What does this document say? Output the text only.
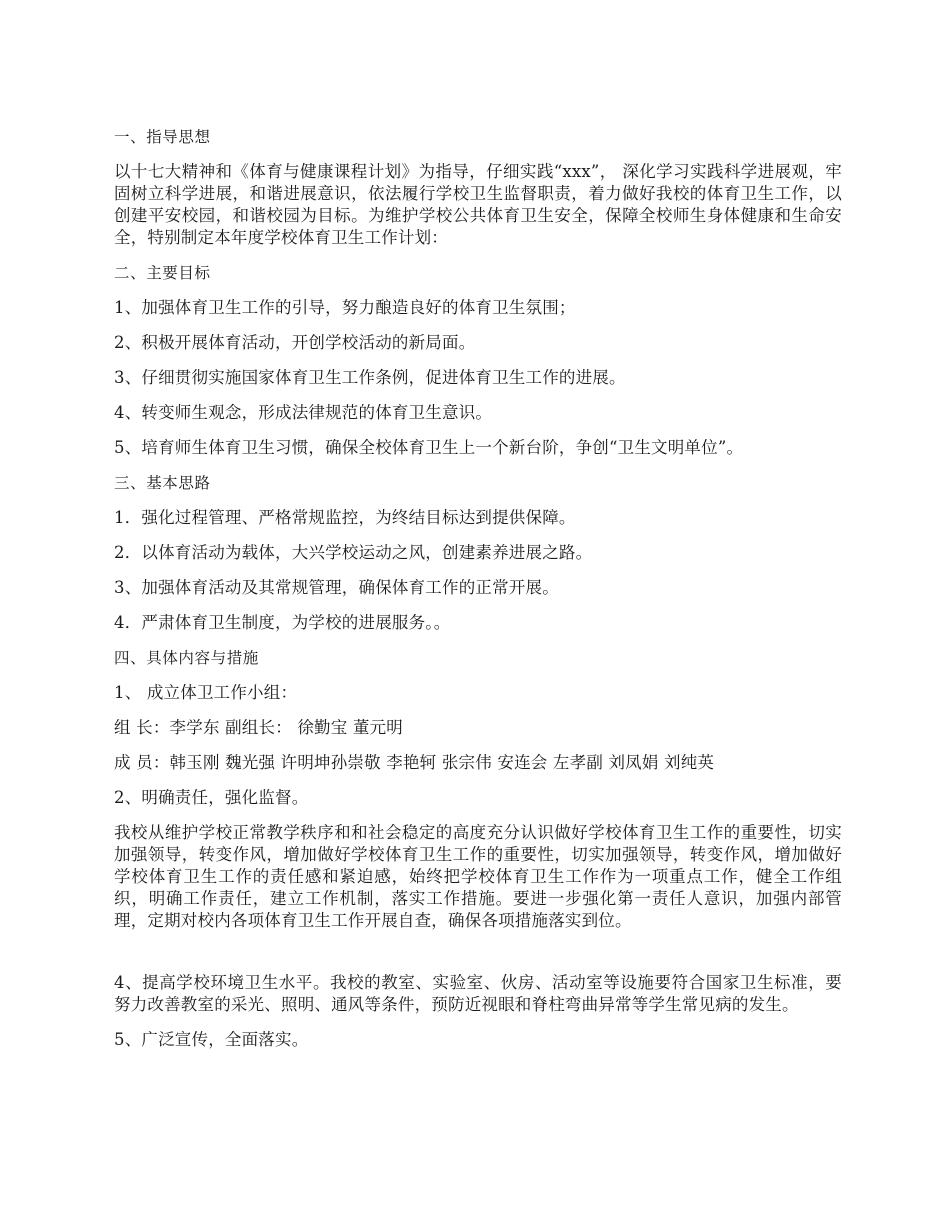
一、指导思想
以十七大精神和《体育与健康课程计划》为指导，仔细实践“xxx”， 深化学习实践科学进展观，牢固树立科学进展，和谐进展意识，依法履行学校卫生监督职责，着力做好我校的体育卫生工作，以创建平安校园，和谐校园为目标。为维护学校公共体育卫生安全，保障全校师生身体健康和生命安全，特别制定本年度学校体育卫生工作计划：
二、主要目标
1、加强体育卫生工作的引导，努力酿造良好的体育卫生氛围；
2、积极开展体育活动，开创学校活动的新局面。
3、仔细贯彻实施国家体育卫生工作条例，促进体育卫生工作的进展。
4、转变师生观念，形成法律规范的体育卫生意识。
5、培育师生体育卫生习惯，确保全校体育卫生上一个新台阶，争创“卫生文明单位”。
三、基本思路
1．强化过程管理、严格常规监控，为终结目标达到提供保障。
2．以体育活动为载体，大兴学校运动之风，创建素养进展之路。
3、加强体育活动及其常规管理，确保体育工作的正常开展。
4．严肃体育卫生制度，为学校的进展服务。。
四、具体内容与措施
1、 成立体卫工作小组：
组 长：李学东 副组长： 徐勤宝 董元明
成 员：韩玉刚 魏光强 许明坤孙崇敬 李艳轲 张宗伟 安连会 左孝副 刘凤娟 刘纯英
2、明确责任，强化监督。
我校从维护学校正常教学秩序和和社会稳定的高度充分认识做好学校体育卫生工作的重要性，切实加强领导，转变作风，增加做好学校体育卫生工作的重要性，切实加强领导，转变作风，增加做好学校体育卫生工作的责任感和紧迫感，始终把学校体育卫生工作作为一项重点工作，健全工作组织，明确工作责任，建立工作机制，落实工作措施。要进一步强化第一责任人意识，加强内部管理，定期对校内各项体育卫生工作开展自查，确保各项措施落实到位。
4、提高学校环境卫生水平。我校的教室、实验室、伙房、活动室等设施要符合国家卫生标准，要努力改善教室的采光、照明、通风等条件，预防近视眼和脊柱弯曲异常等学生常见病的发生。
5、广泛宣传，全面落实。
